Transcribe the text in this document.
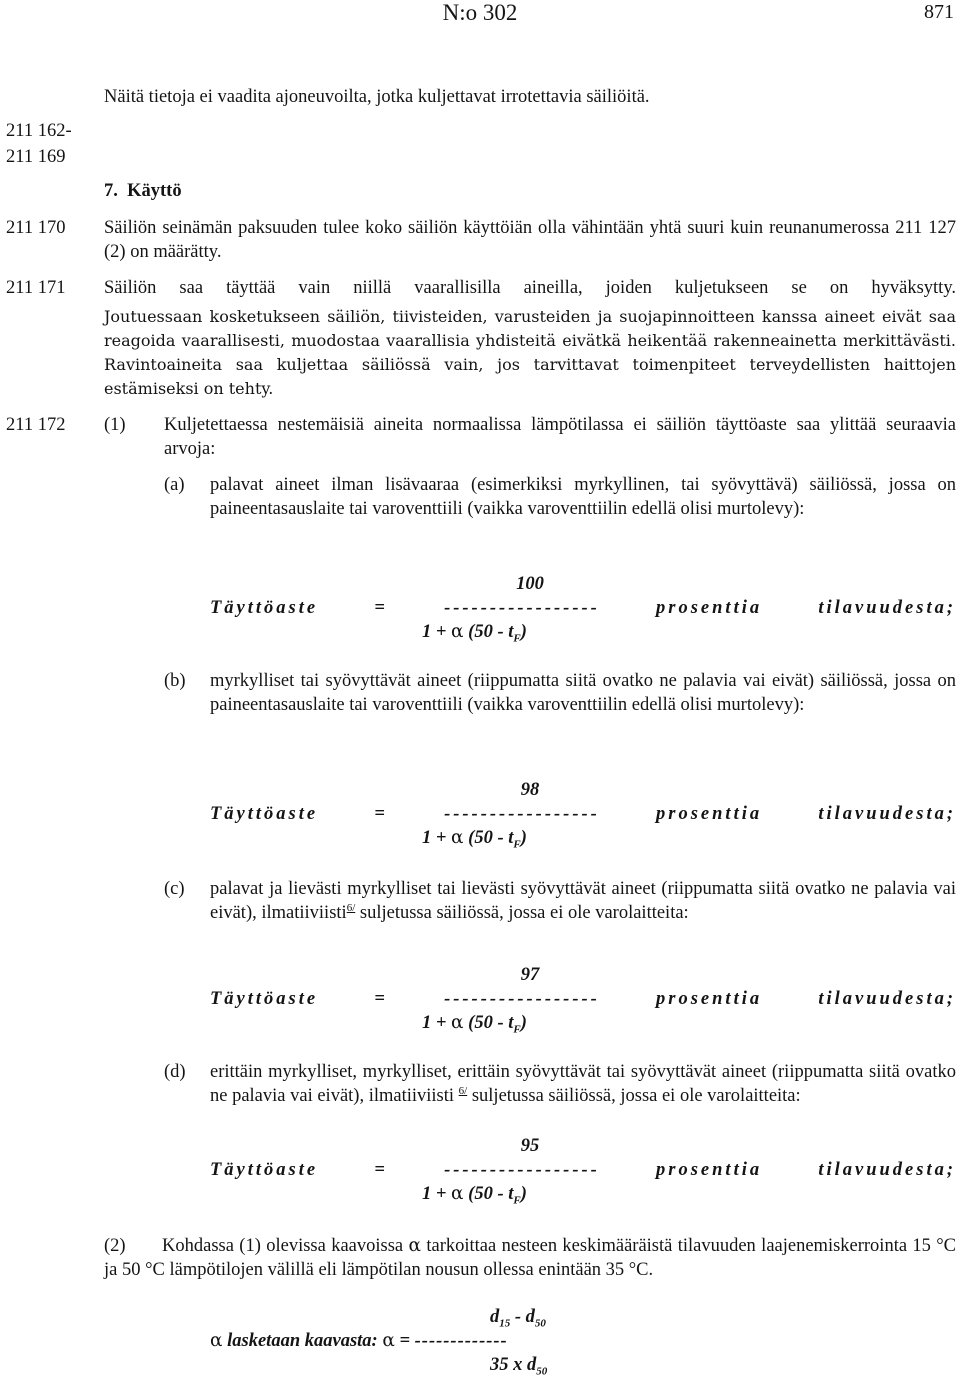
N:o 302	871
Näitä tietoja ei vaadita ajoneuvoilta, jotka kuljettavat irrotettavia säiliöitä.
211 162-
211 169
7. Käyttö
211 170	Säiliön seinämän paksuuden tulee koko säiliön käyttöiän olla vähintään yhtä suuri kuin reunanumerossa 211 127 (2) on määrätty.
211 171	Säiliön saa täyttää vain niillä vaarallisilla aineilla, joiden kuljetukseen se on hyväksytty.
Joutuessaan kosketukseen säiliön, tiivisteiden, varusteiden ja suojapinnoitteen kanssa aineet eivät saa reagoida vaarallisesti, muodostaa vaarallisia yhdisteitä eivätkä heikentää rakenneainetta merkittävästi. Ravintoaineita saa kuljettaa säiliössä vain, jos tarvittavat toimenpiteet terveydellisten haittojen estämiseksi on tehty.
211 172	(1) Kuljetettaessa nestemäisiä aineita normaalissa lämpötilassa ei säiliön täyttöaste saa ylittää seuraavia arvoja:
(a)	palavat aineet ilman lisävaaraa (esimerkiksi myrkyllinen, tai syövyttävä) säiliössä, jossa on paineentasauslaite tai varoventtiili (vaikka varoventtiilin edellä olisi murtolevy):
100
Täyttöaste	=	-----------------	prosenttia	tilavuudesta;
1 + α $(50 - t_F)$
(b)	myrkylliset tai syövyttävät aineet (riippumatta siitä ovatko ne palavia vai eivät) säiliössä, jossa on paineentasauslaite tai varoventtiili (vaikka varoventtiilin edellä olisi murtolevy):
98
Täyttöaste	=	-----------------	prosenttia	tilavuudesta;
1 + α $(50 - t_F)$
(c)	palavat ja lievästi myrkylliset tai lievästi syövyttävät aineet (riippumatta siitä ovatko ne palavia vai eivät), ilmatiiviisti$^{6/}$ suljetussa säiliössä, jossa ei ole varolaitteita:
97
Täyttöaste	=	-----------------	prosenttia	tilavuudesta;
1 + α $(50 - t_F)$
(d)	erittäin myrkylliset, myrkylliset, erittäin syövyttävät tai syövyttävät aineet (riippumatta siitä ovatko ne palavia vai eivät), ilmatiiviisti $^{6/}$ suljetussa säiliössä, jossa ei ole varolaitteita:
95
Täyttöaste	=	-----------------	prosenttia	tilavuudesta;
1 + α $(50 - t_F)$
(2)	Kohdassa (1) olevissa kaavoissa α tarkoittaa nesteen keskimääräistä tilavuuden laajenemiskerrointa 15 °C ja 50 °C lämpötilojen välillä eli lämpötilan nousun ollessa enintään 35 °C.
$d_{15} - d_{50}$
α lasketaan kaavasta: α = -------------
35 x $d_{50}$
